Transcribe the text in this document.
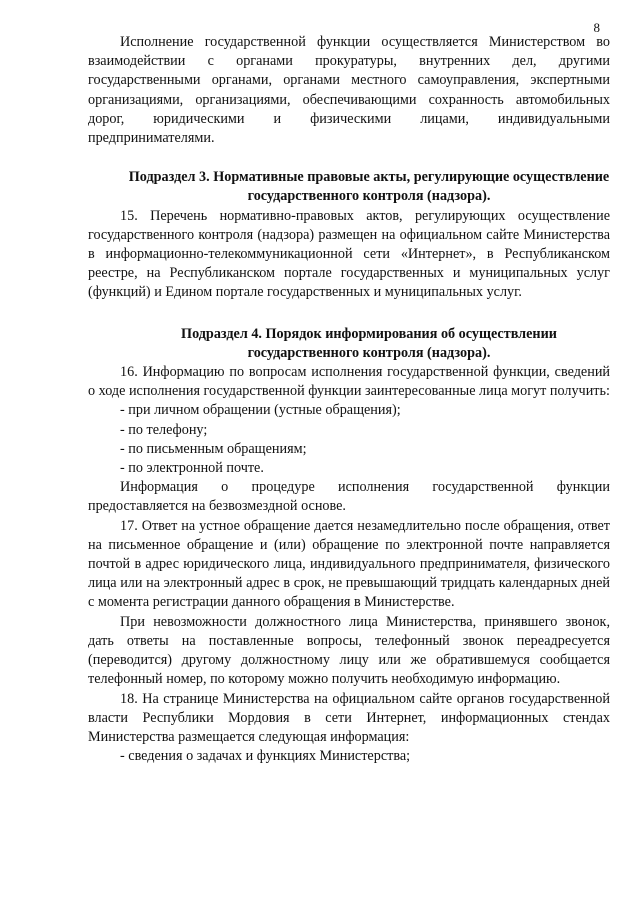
8

Исполнение государственной функции осуществляется Министерством во взаимодействии с органами прокуратуры, внутренних дел, другими государственными органами, органами местного самоуправления, экспертными организациями, организациями, обеспечивающими сохранность автомобильных дорог, юридическими и физическими лицами, индивидуальными предпринимателями.

Подраздел 3. Нормативные правовые акты, регулирующие осуществление государственного контроля (надзора).

15. Перечень нормативно-правовых актов, регулирующих осуществление государственного контроля (надзора) размещен на официальном сайте Министерства в информационно-телекоммуникационной сети «Интернет», в Республиканском реестре, на Республиканском портале государственных и муниципальных услуг (функций) и Едином портале государственных и муниципальных услуг.

Подраздел 4. Порядок информирования об осуществлении государственного контроля (надзора).

16. Информацию по вопросам исполнения государственной функции, сведений о ходе исполнения государственной функции заинтересованные лица могут получить:

- при личном обращении (устные обращения);

- по телефону;

- по письменным обращениям;

- по электронной почте.

Информация о процедуре исполнения государственной функции предоставляется на безвозмездной основе.

17. Ответ на устное обращение дается незамедлительно после обращения, ответ на письменное обращение и (или) обращение по электронной почте направляется почтой в адрес юридического лица, индивидуального предпринимателя, физического лица или на электронный адрес в срок, не превышающий тридцать календарных дней с момента регистрации данного обращения в Министерстве.

При невозможности должностного лица Министерства, принявшего звонок, дать ответы на поставленные вопросы, телефонный звонок переадресуется (переводится) другому должностному лицу или же обратившемуся сообщается телефонный номер, по которому можно получить необходимую информацию.

18. На странице Министерства на официальном сайте органов государственной власти Республики Мордовия в сети Интернет, информационных стендах Министерства размещается следующая информация:

- сведения о задачах и функциях Министерства;
